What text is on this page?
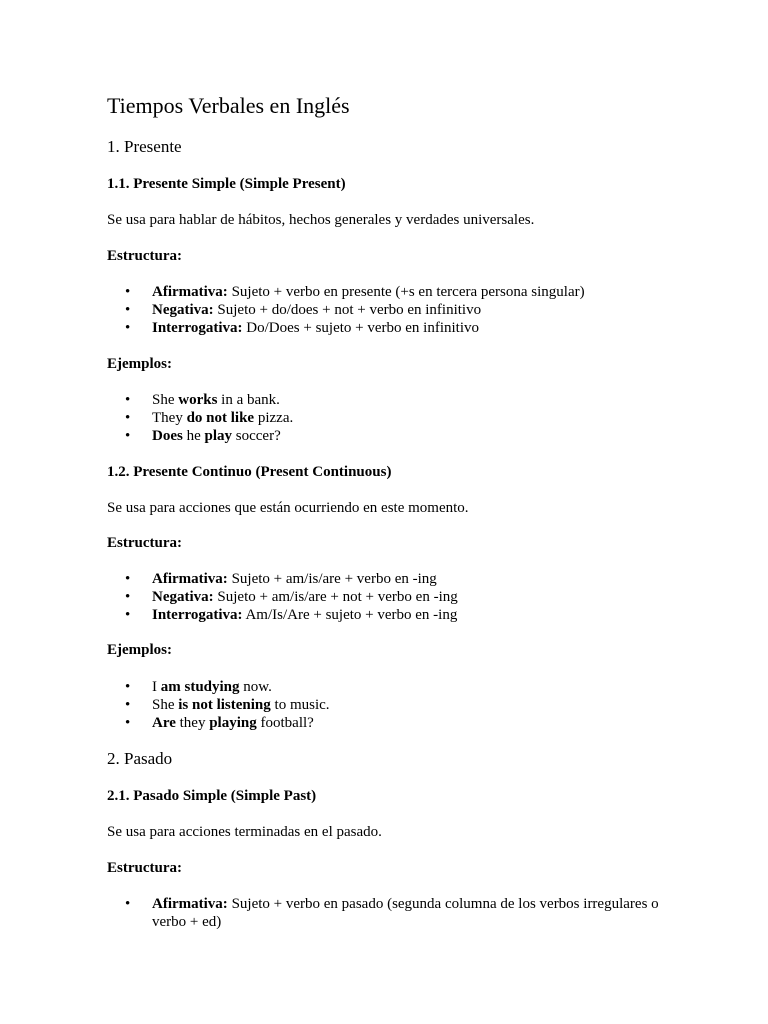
Tiempos Verbales en Inglés
1. Presente
1.1. Presente Simple (Simple Present)
Se usa para hablar de hábitos, hechos generales y verdades universales.
Estructura:
•	Afirmativa: Sujeto + verbo en presente (+s en tercera persona singular)
•	Negativa: Sujeto + do/does + not + verbo en infinitivo
•	Interrogativa: Do/Does + sujeto + verbo en infinitivo
Ejemplos:
•	She works in a bank.
•	They do not like pizza.
•	Does he play soccer?
1.2. Presente Continuo (Present Continuous)
Se usa para acciones que están ocurriendo en este momento.
Estructura:
•	Afirmativa: Sujeto + am/is/are + verbo en -ing
•	Negativa: Sujeto + am/is/are + not + verbo en -ing
•	Interrogativa: Am/Is/Are + sujeto + verbo en -ing
Ejemplos:
•	I am studying now.
•	She is not listening to music.
•	Are they playing football?
2. Pasado
2.1. Pasado Simple (Simple Past)
Se usa para acciones terminadas en el pasado.
Estructura:
•	Afirmativa: Sujeto + verbo en pasado (segunda columna de los verbos irregulares o verbo + ed)
